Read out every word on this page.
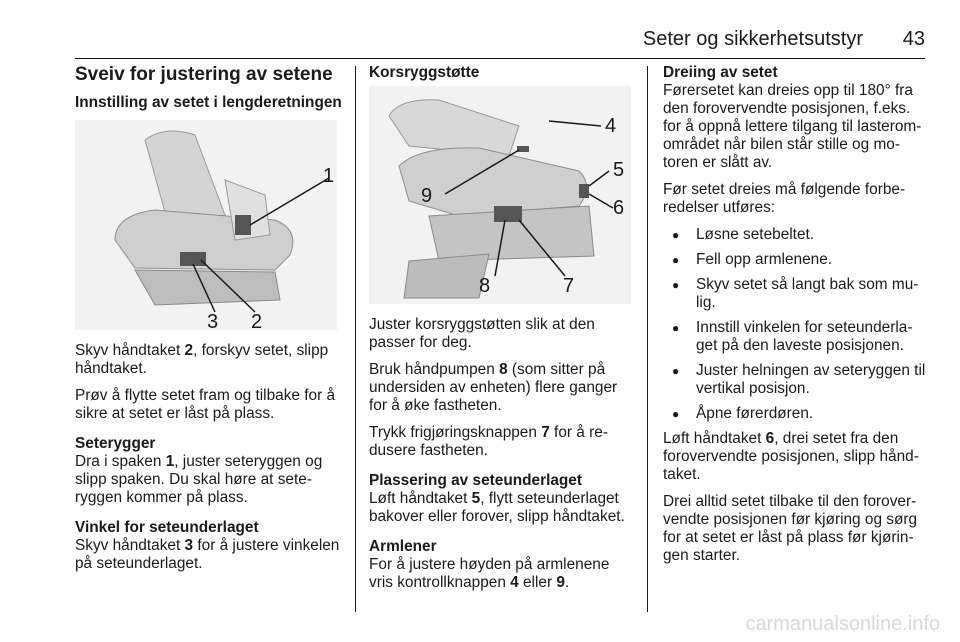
Seter og sikkerhetsutstyr 43
Sveiv for justering av setene
Innstilling av setet i lengderetningen
1
3 2

Skyv håndtaket 2, forskyv setet, slipp håndtaket.

Prøv å flytte setet fram og tilbake for å sikre at setet er låst på plass.

Seterygger

Dra i spaken 1, juster seteryggen og slipp spaken. Du skal høre at seteryggen kommer på plass.

Vinkel for seteunderlaget

Skyv håndtaket 3 for å justere vinkelen på seteunderlaget.

Korsryggstøtte
4
5
9
6
8	7

Juster korsryggstøtten slik at den passer for deg.

Bruk håndpumpen 8 (som sitter på undersiden av enheten) flere ganger for å øke fastheten.

Trykk frigjøringsknappen 7 for å redusere fastheten.

Plassering av seteunderlaget

Løft håndtaket 5, flytt seteunderlaget bakover eller forover, slipp håndtaket.

Armlener

For å justere høyden på armlenene vris kontrollknappen 4 eller 9.

Dreiing av setet

Førersetet kan dreies opp til 180° fra den forovervendte posisjonen, f.eks. for å oppnå lettere tilgang til lasteromområdet når bilen står stille og motoren er slått av.

Før setet dreies må følgende forberedelser utføres:

● Løsne setebeltet.
● Fell opp armlenene.
● Skyv setet så langt bak som mulig.
● Innstill vinkelen for seteunderlaget på den laveste posisjonen.
● Juster helningen av seteryggen til vertikal posisjon.
● Åpne førerdøren.

Løft håndtaket 6, drei setet fra den forovervendte posisjonen, slipp håndtaket.

Drei alltid setet tilbake til den forovervendte posisjonen før kjøring og sørg for at setet er låst på plass før kjøringen starter.

carmanualsonline.info
